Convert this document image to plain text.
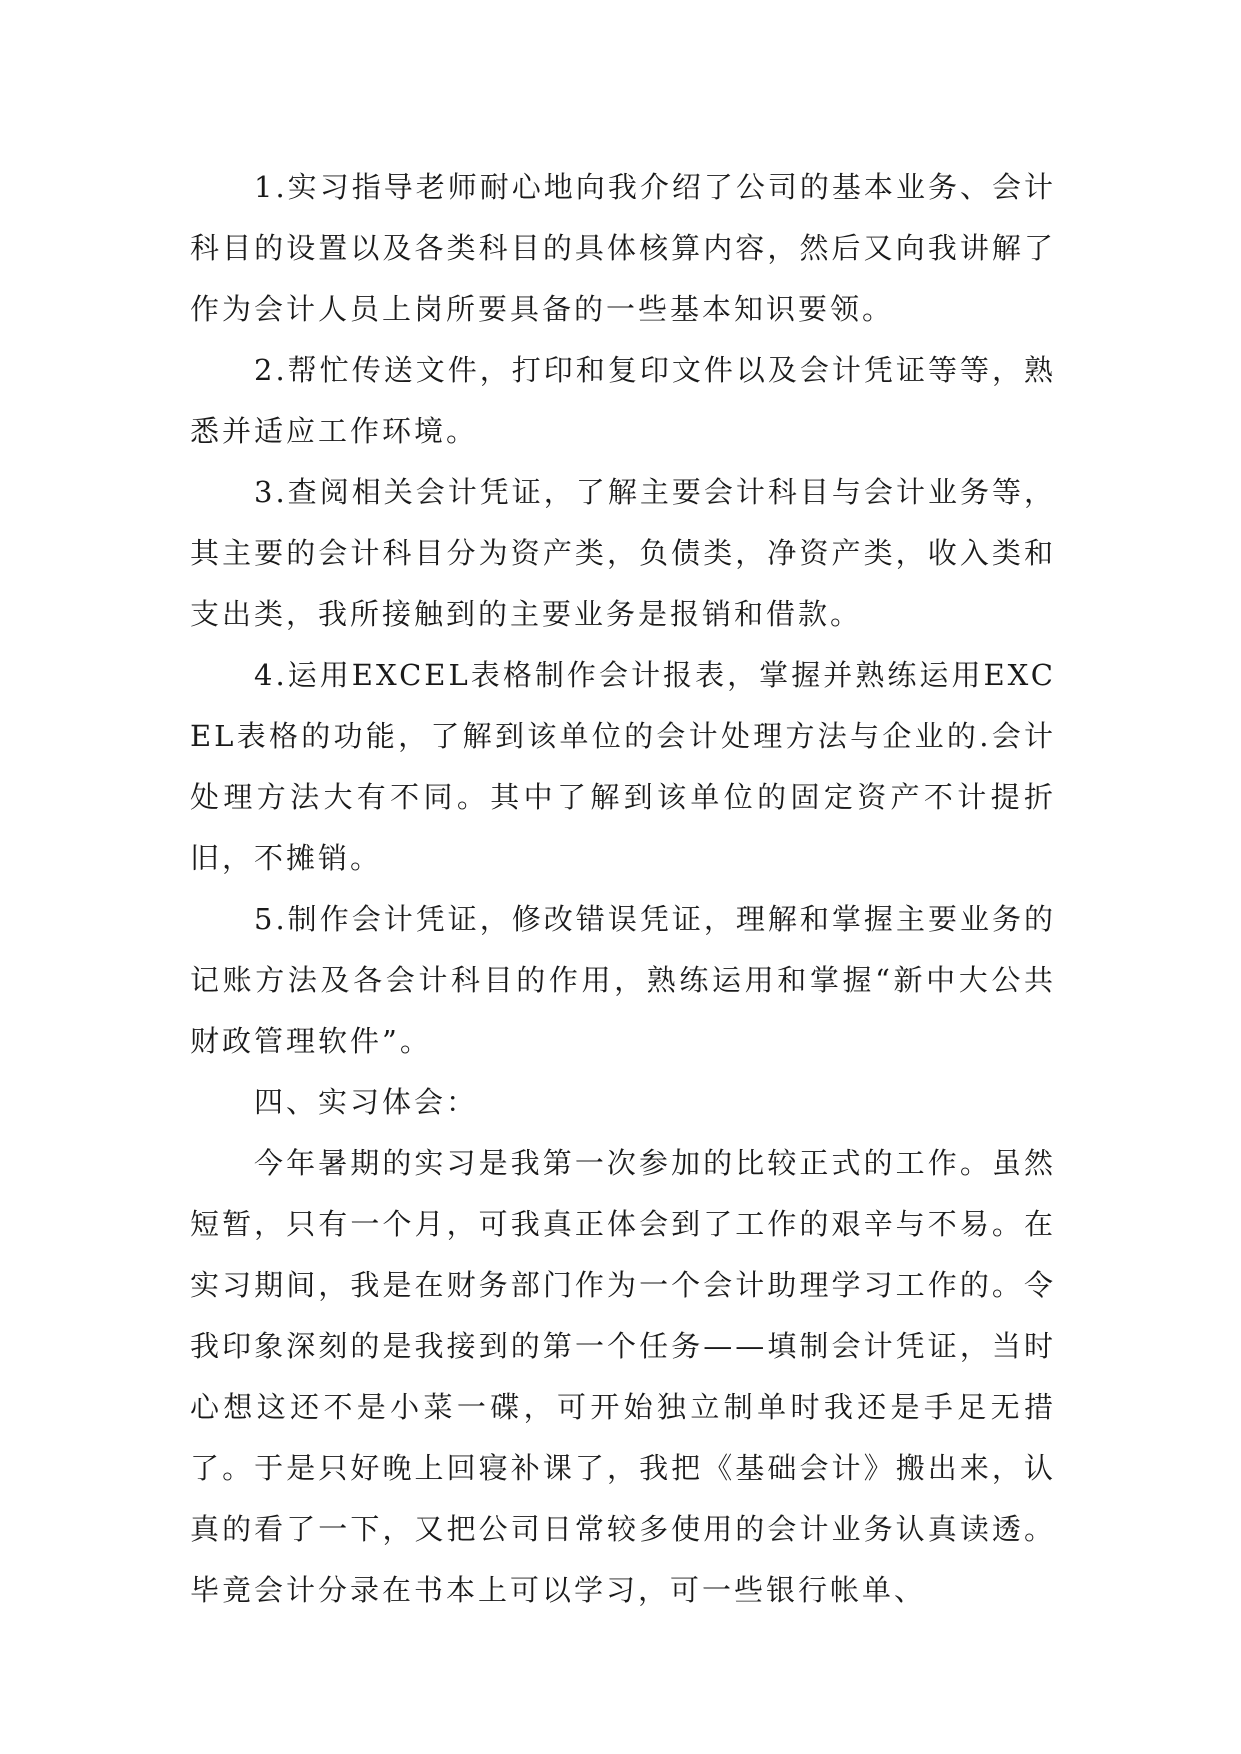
1.实习指导老师耐心地向我介绍了公司的基本业务、会计科目的设置以及各类科目的具体核算内容，然后又向我讲解了作为会计人员上岗所要具备的一些基本知识要领。

2.帮忙传送文件，打印和复印文件以及会计凭证等等，熟悉并适应工作环境。

3.查阅相关会计凭证，了解主要会计科目与会计业务等，其主要的会计科目分为资产类，负债类，净资产类，收入类和支出类，我所接触到的主要业务是报销和借款。

4.运用EXCEL表格制作会计报表，掌握并熟练运用EXCEL表格的功能，了解到该单位的会计处理方法与企业的.会计处理方法大有不同。其中了解到该单位的固定资产不计提折旧，不摊销。

5.制作会计凭证，修改错误凭证，理解和掌握主要业务的记账方法及各会计科目的作用，熟练运用和掌握“新中大公共财政管理软件”。

四、实习体会：

今年暑期的实习是我第一次参加的比较正式的工作。虽然短暂，只有一个月，可我真正体会到了工作的艰辛与不易。在实习期间，我是在财务部门作为一个会计助理学习工作的。令我印象深刻的是我接到的第一个任务——填制会计凭证，当时心想这还不是小菜一碟，可开始独立制单时我还是手足无措了。于是只好晚上回寝补课了，我把《基础会计》搬出来，认真的看了一下，又把公司日常较多使用的会计业务认真读透。毕竟会计分录在书本上可以学习，可一些银行帐单、
